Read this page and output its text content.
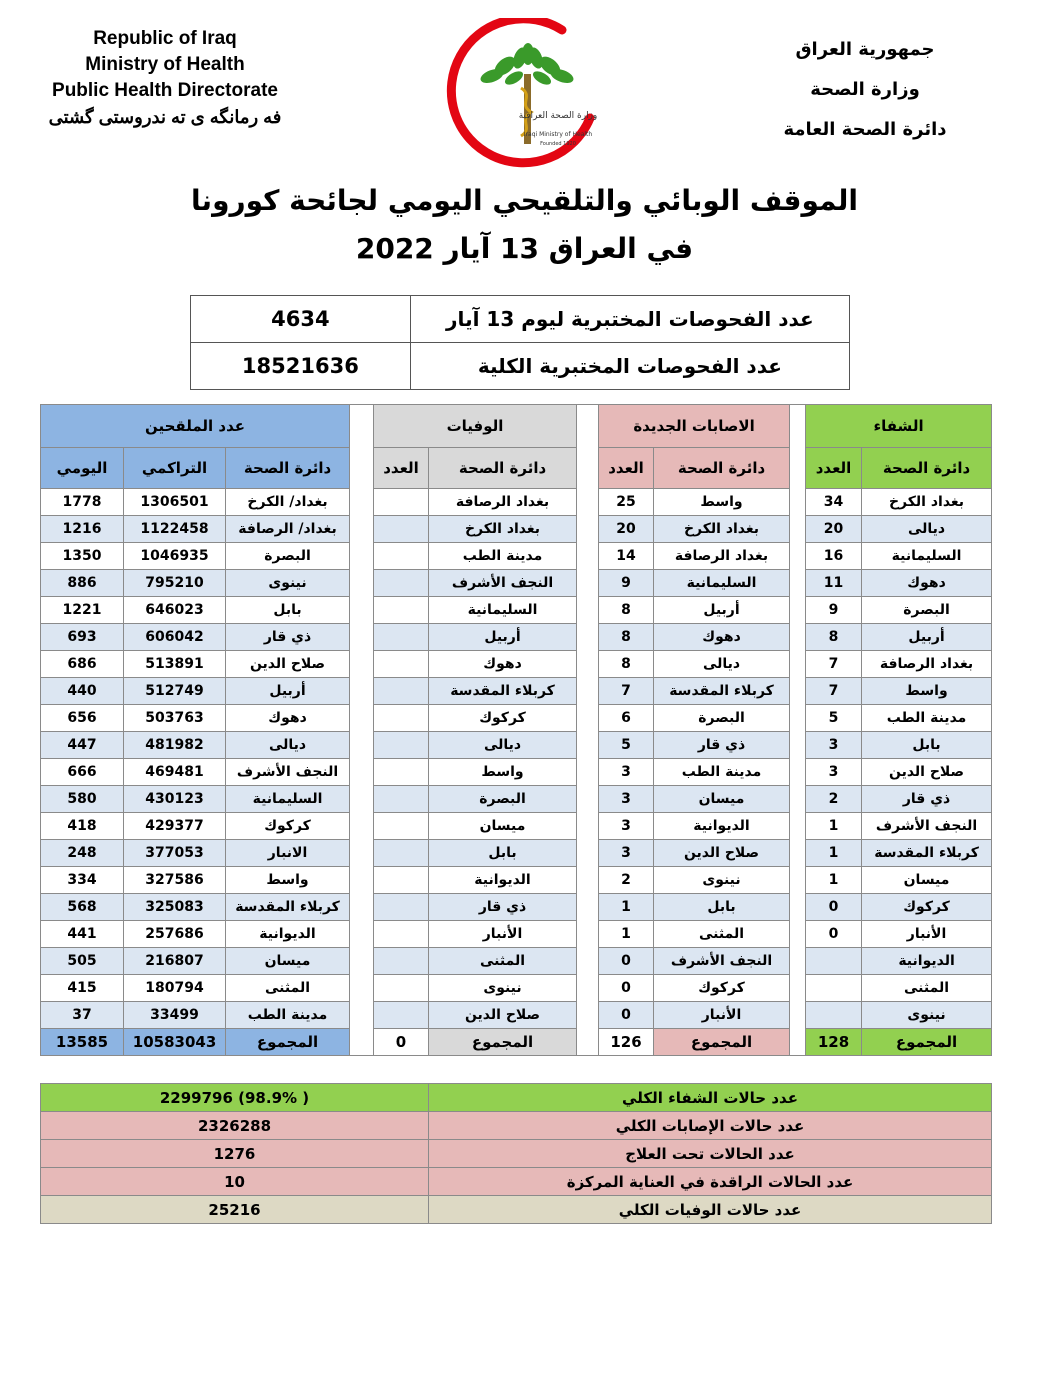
Republic of Iraq
Ministry of Health
Public Health Directorate
فه رمانگه ی ته ندروستی گشتی
جمهورية العراق
وزارة الصحة
دائرة الصحة العامة
وزارة الصحة العراقية
Iraqi Ministry of Health
Founded 1920
الموقف الوبائي والتلقيحي اليومي لجائحة كورونا
في العراق 13 آيار 2022
4634	عدد الفحوصات المختبرية ليوم 13 آيار
18521636	عدد الفحوصات المختبرية الكلية
الشفاء			الاصابات الجديدة			الوفيات			عدد الملقحين		
دائرة الصحة	العدد		دائرة الصحة	العدد		دائرة الصحة	العدد		دائرة الصحة	التراكمي	اليومي
بغداد الكرخ	34		واسط	25		بغداد الرصافة			بغداد/ الكرخ	1306501	1778
ديالى	20		بغداد الكرخ	20		بغداد الكرخ			بغداد/ الرصافة	1122458	1216
السليمانية	16		بغداد الرصافة	14		مدينة الطب			البصرة	1046935	1350
دهوك	11		السليمانية	9		النجف الأشرف			نينوى	795210	886
البصرة	9		أربيل	8		السليمانية			بابل	646023	1221
أربيل	8		دهوك	8		أربيل			ذي قار	606042	693
بغداد الرصافة	7		ديالى	8		دهوك			صلاح الدين	513891	686
واسط	7		كربلاء المقدسة	7		كربلاء المقدسة			أربيل	512749	440
مدينة الطب	5		البصرة	6		كركوك			دهوك	503763	656
بابل	3		ذي قار	5		ديالى			ديالى	481982	447
صلاح الدين	3		مدينة الطب	3		واسط			النجف الأشرف	469481	666
ذي قار	2		ميسان	3		البصرة			السليمانية	430123	580
النجف الأشرف	1		الديوانية	3		ميسان			كركوك	429377	418
كربلاء المقدسة	1		صلاح الدين	3		بابل			الانبار	377053	248
ميسان	1		نينوى	2		الديوانية			واسط	327586	334
كركوك	0		بابل	1		ذي قار			كربلاء المقدسة	325083	568
الأنبار	0		المثنى	1		الأنبار			الديوانية	257686	441
الديوانية			النجف الأشرف	0		المثنى			ميسان	216807	505
المثنى			كركوك	0		نينوى			المثنى	180794	415
نينوى			الأنبار	0		صلاح الدين			مدينة الطب	33499	37
المجموع	128		المجموع	126		المجموع	0		المجموع	10583043	13585
عدد حالات الشفاء الكلي	2299796 (98.9% )
عدد حالات الإصابات الكلي	2326288
عدد الحالات تحت العلاج	1276
عدد الحالات الراقدة في العناية المركزة	10
عدد حالات الوفيات الكلي	25216
